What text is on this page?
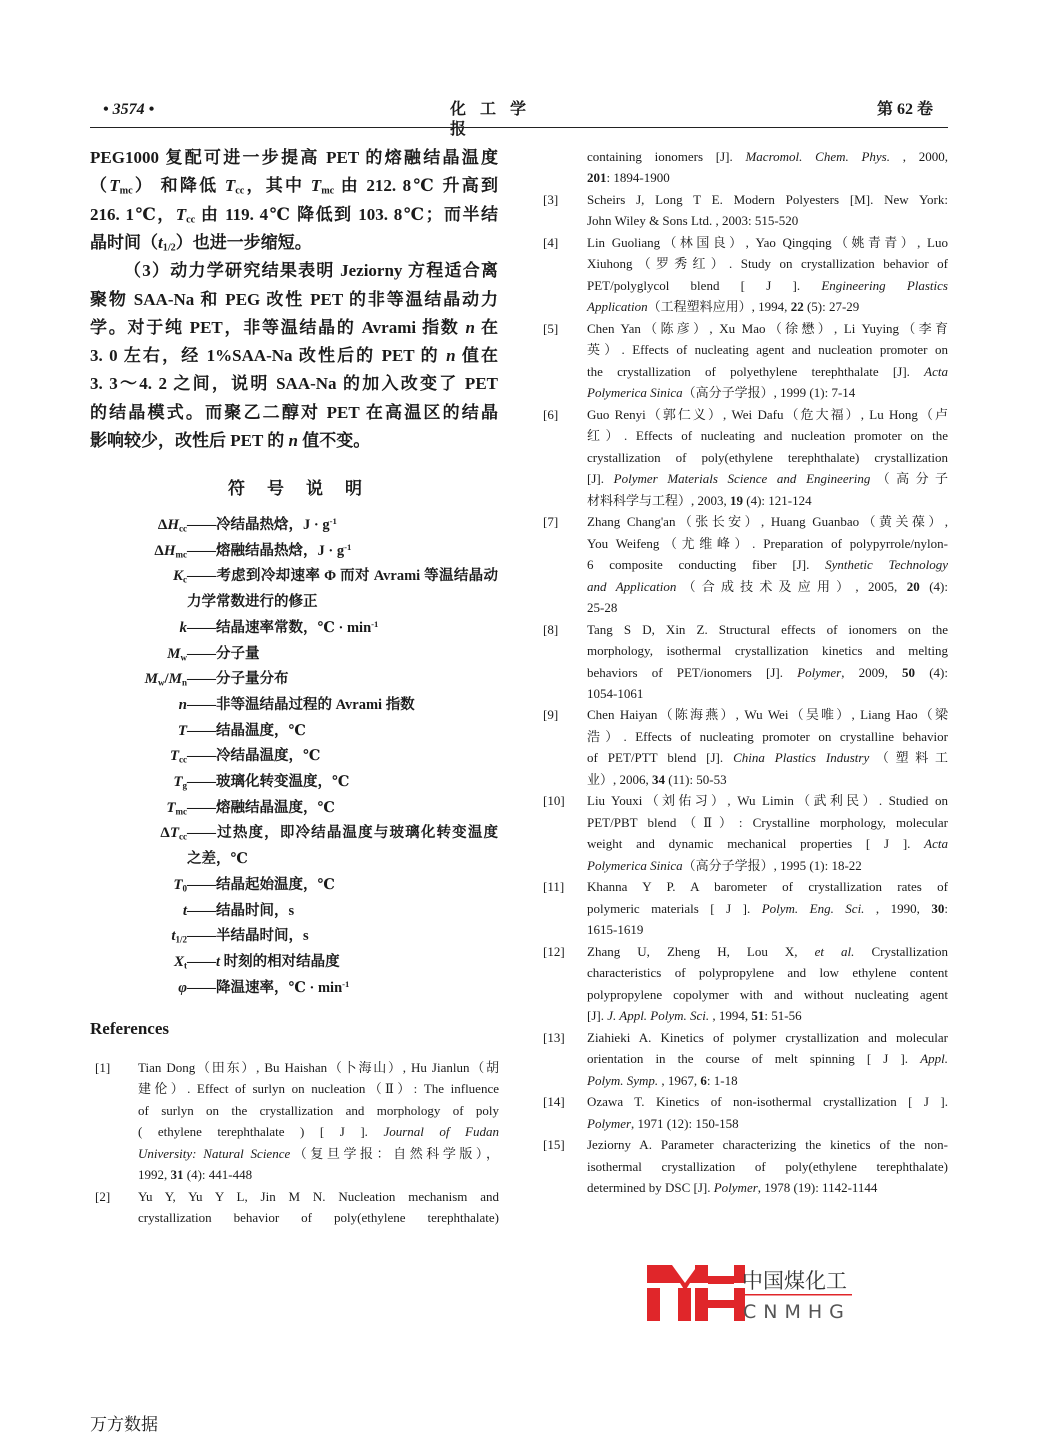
• 3574 •	化工学报
第 62 卷
PEG1000 复配可进一步提高 PET 的熔融结晶温度
$(T_{mc})$ 和降低 $T_{cc}$，其中 $T_{mc}$ 由 212. 8℃ 升高到
216. 1℃，$T_{cc}$ 由 119. 4℃ 降低到 103. 8℃；而半结
晶时间$(t_{1/2})$也进一步缩短。
（3）动力学研究结果表明 Jeziorny 方程适合离
聚物 SAA-Na 和 PEG 改性 PET 的非等温结晶动力
学。对于纯 PET，非等温结晶的 Avrami 指数 n 在
3. 0 左右，经 1%SAA-Na 改性后的 PET 的 n 值在
3. 3～4. 2 之间，说明 SAA-Na 的加入改变了 PET
的结晶模式。而聚乙二醇对 PET 在高温区的结晶
影响较少，改性后 PET 的 n 值不变。
符号说明
$\Delta H_{cc}$ ——冷结晶热焓，$J \cdot g^{-1}$
$\Delta H_{mc}$ ——熔融结晶热焓，$J \cdot g^{-1}$
$K_c$ ——考虑到冷却速率 Φ 而对 Avrami 等温结晶动
力学常数进行的修正
k ——结晶速率常数，℃ · $\min^{-1}$
$M_w$ ——分子量
$M_w/M_n$ ——分子量分布
n ——非等温结晶过程的 Avrami 指数
T ——结晶温度，℃
$T_{cc}$ ——冷结晶温度，℃
$T_g$ ——玻璃化转变温度，℃
$T_{mc}$ ——熔融结晶温度，℃
$\Delta T_{cc}$ ——过热度，即冷结晶温度与玻璃化转变温度
之差，℃
$T_0$ ——结晶起始温度，℃
t ——结晶时间，s
$t_{1/2}$ ——半结晶时间，s
$X_t$ ——t 时刻的相对结晶度
φ ——降温速率，℃ · $\min^{-1}$
References
[1] Tian Dong（田东）, Bu Haishan（卜海山）, Hu Jianlun（胡
建伦）. Effect of surlyn on nucleation（Ⅱ）: The influence
of surlyn on the crystallization and morphology of poly
( ethylene terephthalate ) [ J ]. Journal of Fudan
University: Natural Science（复旦学报：自然科学版），
1992, 31 (4): 441-448
[2] Yu Y, Yu Y L, Jin M N. Nucleation mechanism and
crystallization behavior of poly(ethylene terephthalate)
containing ionomers [J]. Macromol. Chem. Phys. , 2000,
201: 1894-1900
[3] Scheirs J, Long T E. Modern Polyesters [M]. New York:
John Wiley & Sons Ltd. , 2003: 515-520
[4] Lin Guoliang（林国良）, Yao Qingqing（姚青青）, Luo
Xiuhong（罗秀红）. Study on crystallization behavior of
PET/polyglycol blend [ J ]. Engineering Plastics
Application（工程塑料应用）, 1994, 22 (5): 27-29
[5] Chen Yan（陈彦）, Xu Mao（徐懋）, Li Yuying（李育
英）. Effects of nucleating agent and nucleation promoter on
the crystallization of polyethylene terephthalate [J]. Acta
Polymerica Sinica（高分子学报）, 1999 (1): 7-14
[6] Guo Renyi（郭仁义）, Wei Dafu（危大福）, Lu Hong（卢
红）. Effects of nucleating and nucleation promoter on the
crystallization of poly(ethylene terephthalate) crystallization
[J]. Polymer Materials Science and Engineering（高分子
材料科学与工程）, 2003, 19 (4): 121-124
[7] Zhang Chang'an（张长安）, Huang Guanbao（黄关葆）,
You Weifeng（尤维峰）. Preparation of polypyrrole/nylon-
6 composite conducting fiber [J]. Synthetic Technology
and Application（合成技术及应用）, 2005, 20 (4):
25-28
[8] Tang S D, Xin Z. Structural effects of ionomers on the
morphology, isothermal crystallization kinetics and melting
behaviors of PET/ionomers [J]. Polymer, 2009, 50 (4):
1054-1061
[9] Chen Haiyan（陈海燕）, Wu Wei（吴唯）, Liang Hao（梁
浩）. Effects of nucleating promoter on crystalline behavior
of PET/PTT blend [J]. China Plastics Industry（塑料工
业）, 2006, 34 (11): 50-53
[10] Liu Youxi（刘佑习）, Wu Limin（武利民）. Studied on
PET/PBT blend（Ⅱ）: Crystalline morphology, molecular
weight and dynamic mechanical properties [ J ]. Acta
Polymerica Sinica（高分子学报）, 1995 (1): 18-22
[11] Khanna Y P. A barometer of crystallization rates of
polymeric materials [ J ]. Polym. Eng. Sci. , 1990, 30:
1615-1619
[12] Zhang U, Zheng H, Lou X, et al. Crystallization
characteristics of polypropylene and low ethylene content
polypropylene copolymer with and without nucleating agent
[J]. J. Appl. Polym. Sci. , 1994, 51: 51-56
[13] Ziahieki A. Kinetics of polymer crystallization and molecular
orientation in the course of melt spinning [ J ]. Appl.
Polym. Symp. , 1967, 6: 1-18
[14] Ozawa T. Kinetics of non-isothermal crystallization [ J ].
Polymer, 1971 (12): 150-158
[15] Jeziorny A. Parameter characterizing the kinetics of the non-
isothermal crystallization of poly(ethylene terephthalate)
determined by DSC [J]. Polymer, 1978 (19): 1142-1144
中国煤化工
CNMHG
万方数据
